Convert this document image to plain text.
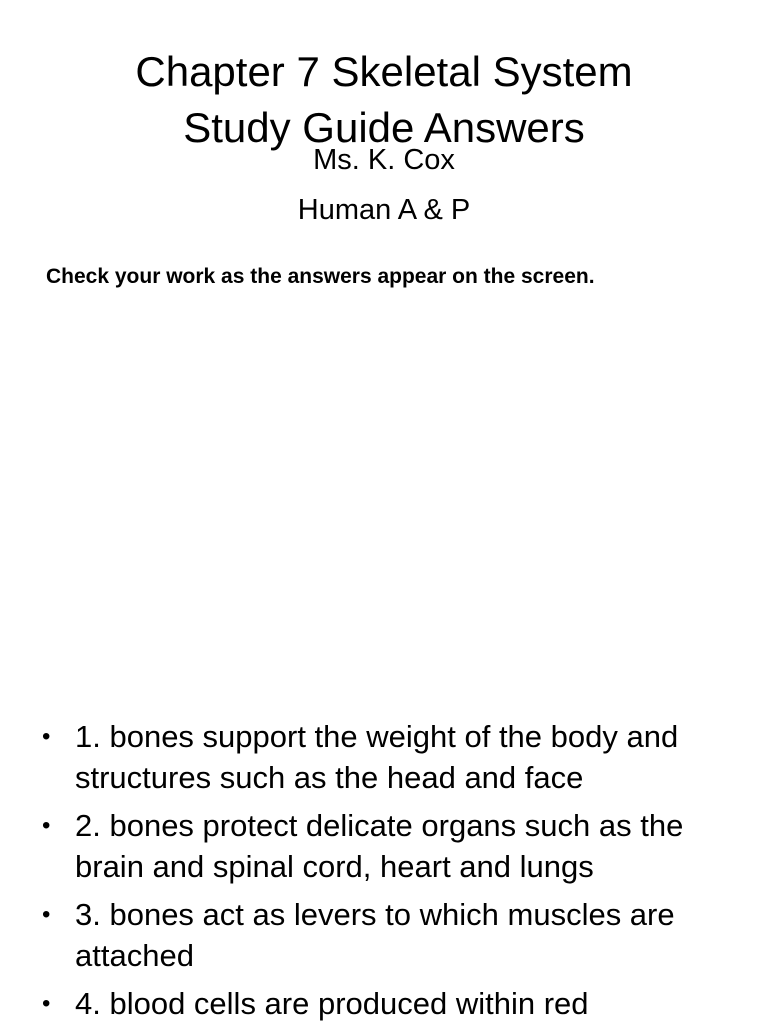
Chapter 7 Skeletal System
Study Guide Answers

Ms. K. Cox

Human A & P

Check your work as the answers appear on the screen.

• 1. bones support the weight of the body and structures such as the head and face
• 2. bones protect delicate organs such as the brain and spinal cord, heart and lungs
• 3. bones act as levers to which muscles are attached
• 4. blood cells are produced within red
